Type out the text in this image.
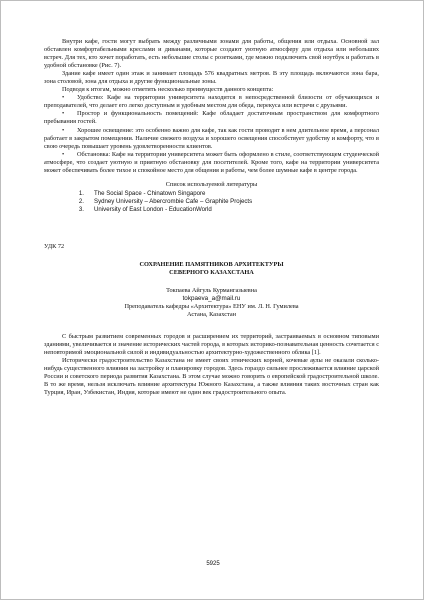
Внутри кафе, гости могут выбрать между различными зонами для работы, общения или отдыха. Основной зал обставлен комфортабельными креслами и диванами, которые создают уютную атмосферу для отдыха или небольших встреч. Для тех, кто хочет поработать, есть небольшие столы с розетками, где можно подключить свой ноутбук и работать в удобной обстановке (Рис. 7).

Здание кафе имеет один этаж и занимает площадь 576 квадратных метров. В эту площадь включаются зона бара, зона столовой, зона для отдыха и другие функциональные зоны.

Подводя к итогам, можно отметить несколько преимуществ данного концепта:

• Удобство: Кафе на территории университета находится в непосредственной близости от обучающихся и преподавателей, что делает его легко доступным и удобным местом для обеда, перекуса или встречи с друзьями.

• Простор и функциональность помещений: Кафе обладает достаточным пространством для комфортного пребывания гостей.

• Хорошее освещение: это особенно важно для кафе, так как гости проводят в нем длительное время, а персонал работает в закрытом помещении. Наличие свежего воздуха и хорошего освещения способствует удобству и комфорту, что в свою очередь повышает уровень удовлетворенности клиентов.

• Обстановка: Кафе на территории университета может быть оформлено в стиле, соответствующем студенческой атмосфере, что создает уютную и приятную обстановку для посетителей. Кроме того, кафе на территории университета может обеспечивать более тихое и спокойное место для общения и работы, чем более шумные кафе в центре города.

Список используемой литературы
1.	The Social Space - Chinatown Singapore
2.	Sydney University – Abercrombie Cafe – Graphite Projects
3.	University of East London - EducationWorld
УДК 72
СОХРАНЕНИЕ ПАМЯТНИКОВ АРХИТЕКТУРЫ
СЕВЕРНОГО КАЗАХСТАНА
Токпаева Айгуль Курмангазыевна
tokpaeva_a@mail.ru
Преподаватель кафедры «Архитектура» ЕНУ им. Л. Н. Гумилева
Астана, Казахстан

С быстрым развитием современных городов и расширением их территорий, застраиваемых в основном типовыми зданиями, увеличивается и значение исторических частей города, в которых историко-познавательная ценность сочетается с неповторимой эмоциональной силой и индивидуальностью архитектурно-художественного облика [1].

Исторически градостроительство Казахстана не имеет своих этнических корней, кочевые аулы не оказали сколько-нибудь существенного влияния на застройку и планировку городов. Здесь гораздо сильнее прослеживается влияние царской России и советского периода развития Казахстана. В этом случае можно говорить о европейской градостроительной школе. В то же время, нельзя исключать влияние архитектуры Южного Казахстана, а также влияния таких восточных стран как Турция, Иран, Узбекистан, Индия, которые имеют не один век градостроительного опыта.

5925
